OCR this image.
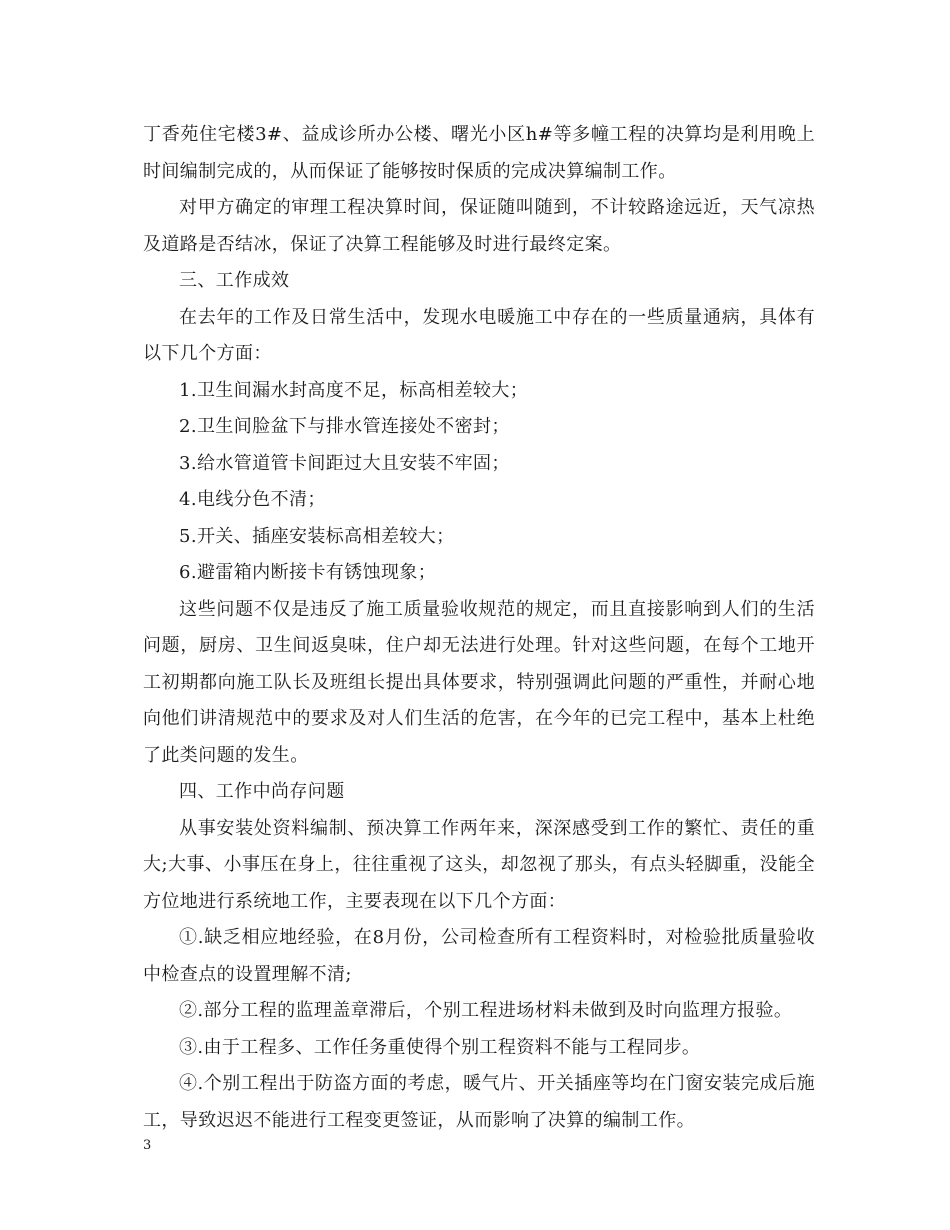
丁香苑住宅楼3#、益成诊所办公楼、曙光小区h#等多幢工程的决算均是利用晚上时间编制完成的，从而保证了能够按时保质的完成决算编制工作。

对甲方确定的审理工程决算时间，保证随叫随到，不计较路途远近，天气凉热及道路是否结冰，保证了决算工程能够及时进行最终定案。

三、工作成效

在去年的工作及日常生活中，发现水电暖施工中存在的一些质量通病，具体有以下几个方面：

1.卫生间漏水封高度不足，标高相差较大；

2.卫生间脸盆下与排水管连接处不密封；

3.给水管道管卡间距过大且安装不牢固；

4.电线分色不清；

5.开关、插座安装标高相差较大；

6.避雷箱内断接卡有锈蚀现象；

这些问题不仅是违反了施工质量验收规范的规定，而且直接影响到人们的生活问题，厨房、卫生间返臭味，住户却无法进行处理。针对这些问题，在每个工地开工初期都向施工队长及班组长提出具体要求，特别强调此问题的严重性，并耐心地向他们讲清规范中的要求及对人们生活的危害，在今年的已完工程中，基本上杜绝了此类问题的发生。

四、工作中尚存问题

从事安装处资料编制、预决算工作两年来，深深感受到工作的繁忙、责任的重大;大事、小事压在身上，往往重视了这头，却忽视了那头，有点头轻脚重，没能全方位地进行系统地工作，主要表现在以下几个方面：

①.缺乏相应地经验，在8月份，公司检查所有工程资料时，对检验批质量验收中检查点的设置理解不清;

②.部分工程的监理盖章滞后，个别工程进场材料未做到及时向监理方报验。

③.由于工程多、工作任务重使得个别工程资料不能与工程同步。

④.个别工程出于防盗方面的考虑，暖气片、开关插座等均在门窗安装完成后施工，导致迟迟不能进行工程变更签证，从而影响了决算的编制工作。

3
